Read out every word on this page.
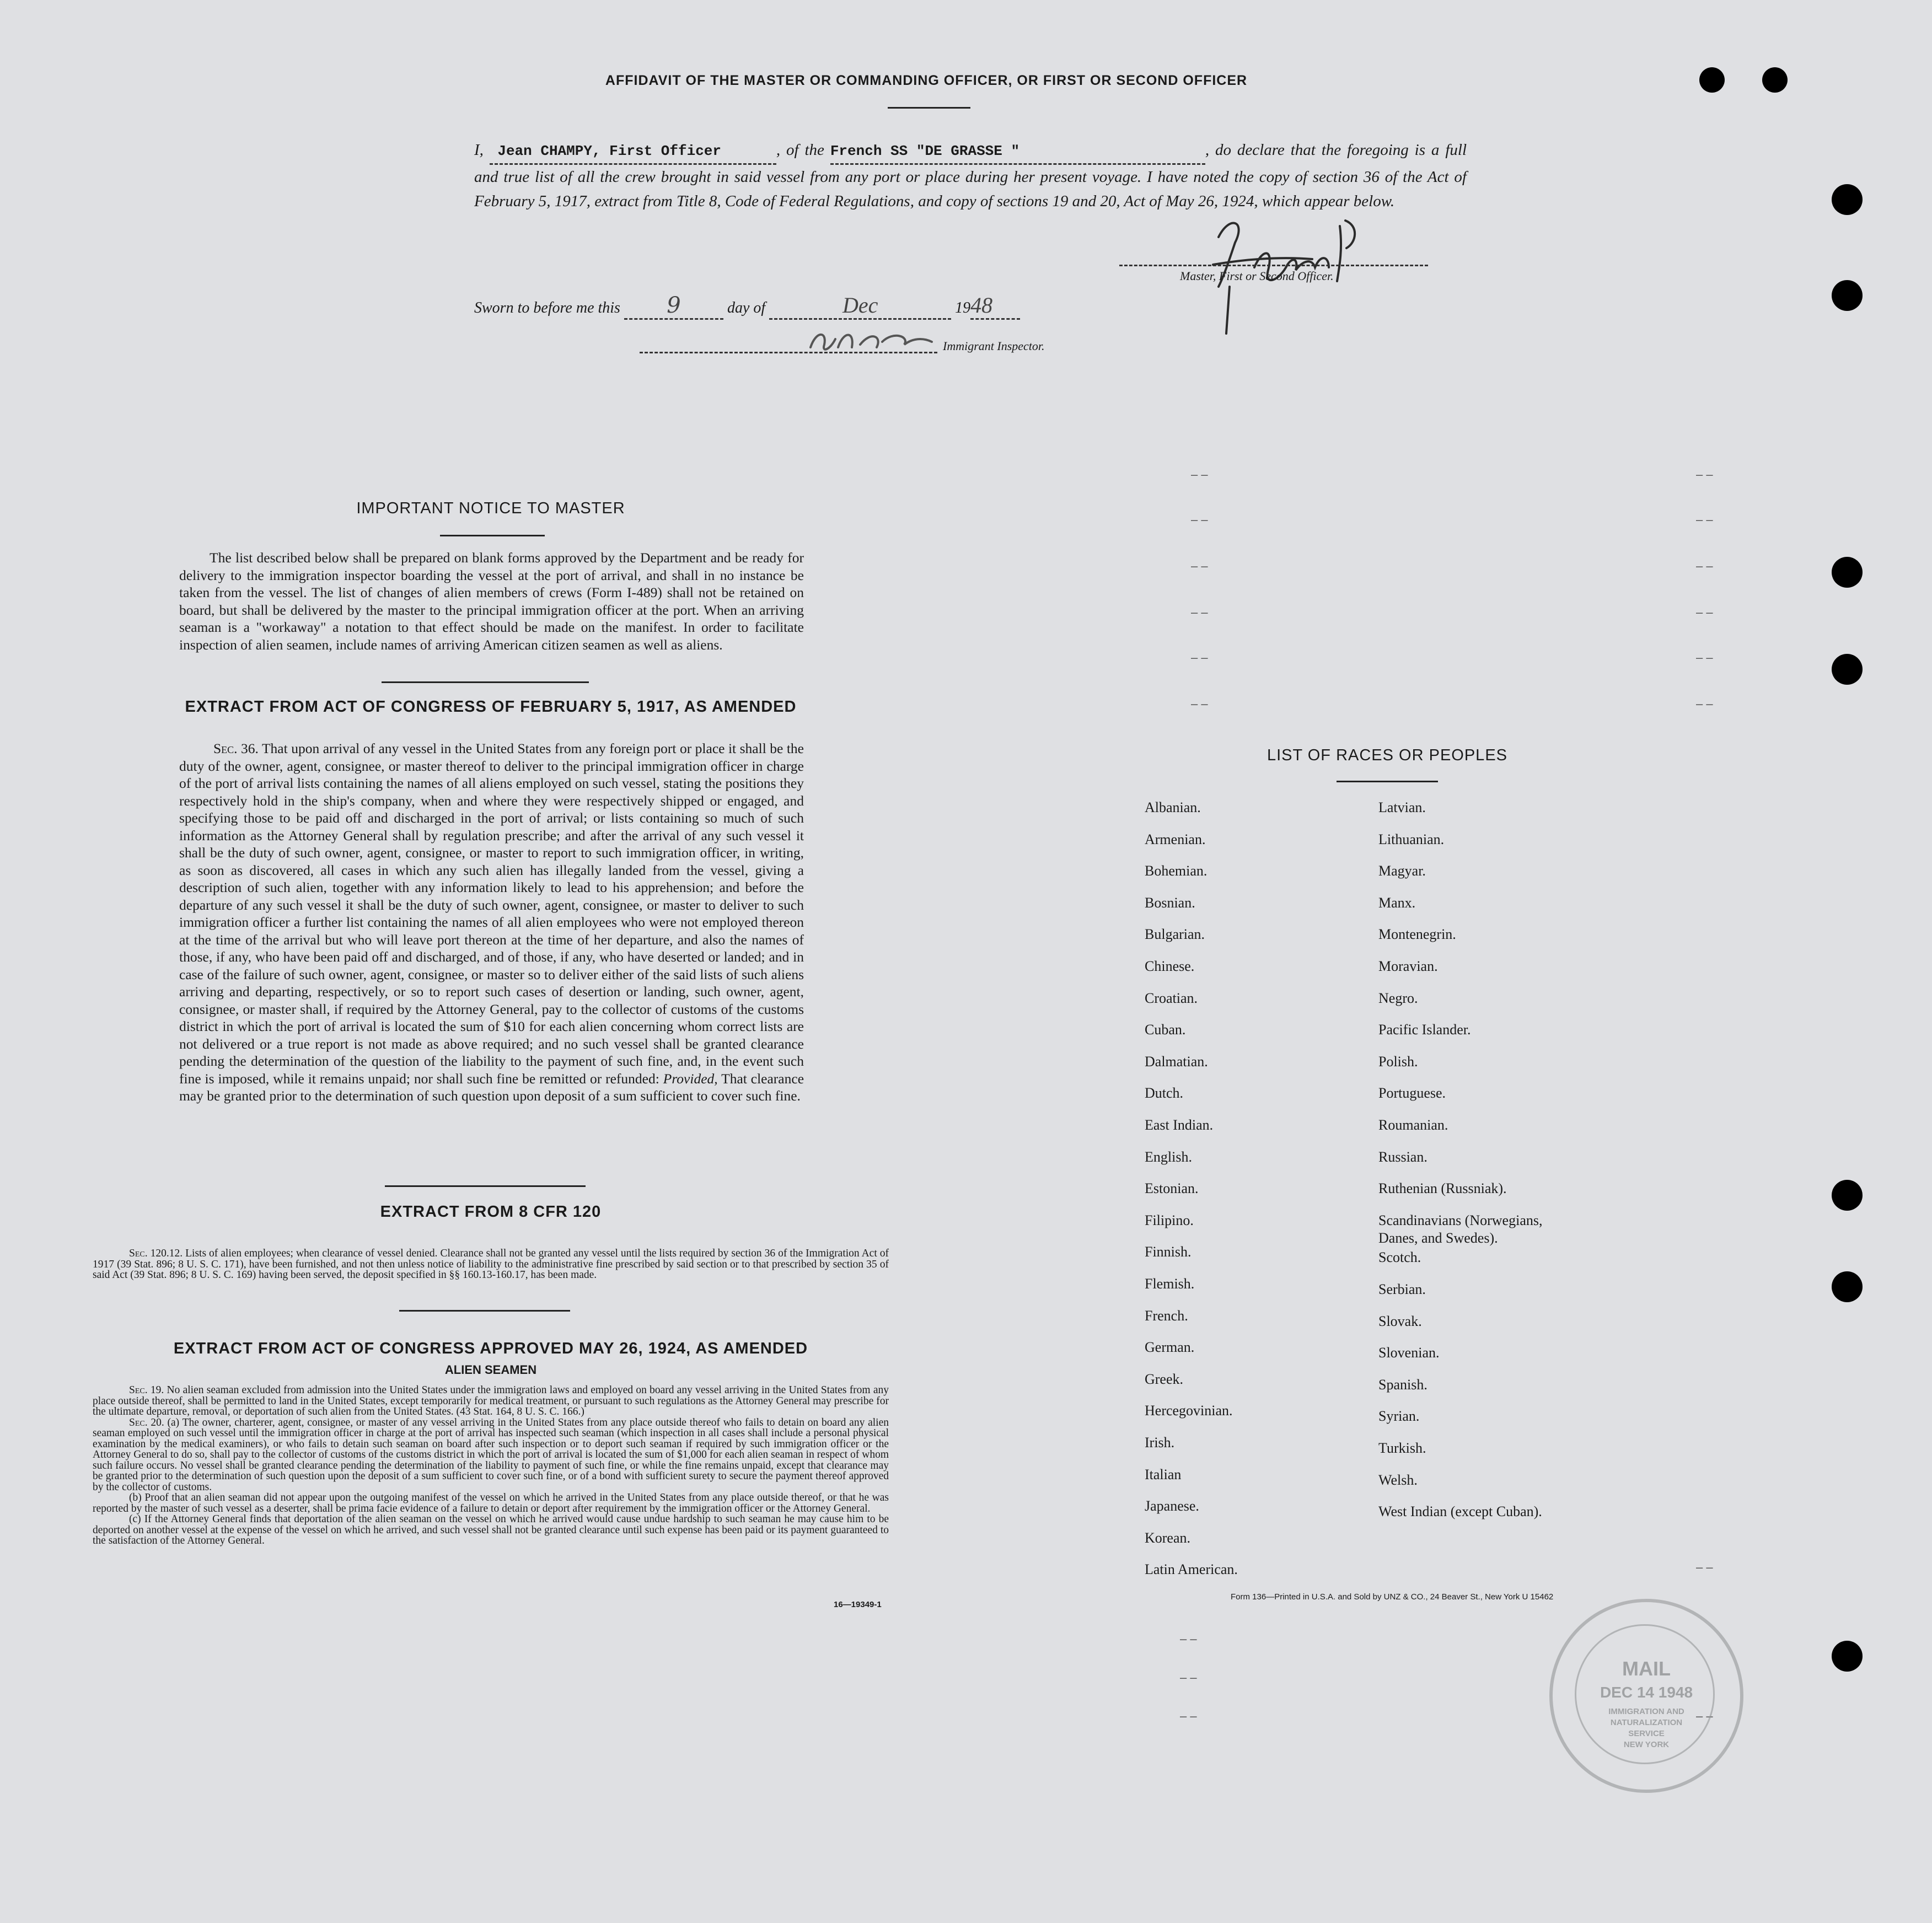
AFFIDAVIT OF THE MASTER OR COMMANDING OFFICER, OR FIRST OR SECOND OFFICER
I, Jean CHAMPY, First Officer	, of the French SS "DE GRASSE "	, do declare that the foregoing is a full and true list of all the crew brought in said vessel from any port or place during her present voyage. I have noted the copy of section 36 of the Act of February 5, 1917, extract from Title 8, Code of Federal Regulations, and copy of sections 19 and 20, Act of May 26, 1924, which appear below.
Master, First or Second Officer.
Sworn to before me this 9	day of	Dec	1948
Immigrant Inspector.
IMPORTANT NOTICE TO MASTER
The list described below shall be prepared on blank forms approved by the Department and be ready for delivery to the immigration inspector boarding the vessel at the port of arrival, and shall in no instance be taken from the vessel. The list of changes of alien members of crews (Form I-489) shall not be retained on board, but shall be delivered by the master to the principal immigration officer at the port. When an arriving seaman is a "workaway" a notation to that effect should be made on the manifest. In order to facilitate inspection of alien seamen, include names of arriving American citizen seamen as well as aliens.
EXTRACT FROM ACT OF CONGRESS OF FEBRUARY 5, 1917, AS AMENDED
Sec. 36. That upon arrival of any vessel in the United States from any foreign port or place it shall be the duty of the owner, agent, consignee, or master thereof to deliver to the principal immigration officer in charge of the port of arrival lists containing the names of all aliens employed on such vessel, stating the positions they respectively hold in the ship's company, when and where they were respectively shipped or engaged, and specifying those to be paid off and discharged in the port of arrival; or lists containing so much of such information as the Attorney General shall by regulation prescribe; and after the arrival of any such vessel it shall be the duty of such owner, agent, consignee, or master to report to such immigration officer, in writing, as soon as discovered, all cases in which any such alien has illegally landed from the vessel, giving a description of such alien, together with any information likely to lead to his apprehension; and before the departure of any such vessel it shall be the duty of such owner, agent, consignee, or master to deliver to such immigration officer a further list containing the names of all alien employees who were not employed thereon at the time of the arrival but who will leave port thereon at the time of her departure, and also the names of those, if any, who have been paid off and discharged, and of those, if any, who have deserted or landed; and in case of the failure of such owner, agent, consignee, or master so to deliver either of the said lists of such aliens arriving and departing, respectively, or so to report such cases of desertion or landing, such owner, agent, consignee, or master shall, if required by the Attorney General, pay to the collector of customs of the customs district in which the port of arrival is located the sum of $10 for each alien concerning whom correct lists are not delivered or a true report is not made as above required; and no such vessel shall be granted clearance pending the determination of the question of the liability to the payment of such fine, and, in the event such fine is imposed, while it remains unpaid; nor shall such fine be remitted or refunded: Provided, That clearance may be granted prior to the determination of such question upon deposit of a sum sufficient to cover such fine.
EXTRACT FROM 8 CFR 120
Sec. 120.12. Lists of alien employees; when clearance of vessel denied. Clearance shall not be granted any vessel until the lists required by section 36 of the Immigration Act of 1917 (39 Stat. 896; 8 U. S. C. 171), have been furnished, and not then unless notice of liability to the administrative fine prescribed by said section or to that prescribed by section 35 of said Act (39 Stat. 896; 8 U. S. C. 169) having been served, the deposit specified in §§ 160.13-160.17, has been made.
EXTRACT FROM ACT OF CONGRESS APPROVED MAY 26, 1924, AS AMENDED
ALIEN SEAMEN
Sec. 19. No alien seaman excluded from admission into the United States under the immigration laws and employed on board any vessel arriving in the United States from any place outside thereof, shall be permitted to land in the United States, except temporarily for medical treatment, or pursuant to such regulations as the Attorney General may prescribe for the ultimate departure, removal, or deportation of such alien from the United States. (43 Stat. 164, 8 U. S. C. 166.)
Sec. 20. (a) The owner, charterer, agent, consignee, or master of any vessel arriving in the United States from any place outside thereof who fails to detain on board any alien seaman employed on such vessel until the immigration officer in charge at the port of arrival has inspected such seaman (which inspection in all cases shall include a personal physical examination by the medical examiners), or who fails to detain such seaman on board after such inspection or to deport such seaman if required by such immigration officer or the Attorney General to do so, shall pay to the collector of customs of the customs district in which the port of arrival is located the sum of $1,000 for each alien seaman in respect of whom such failure occurs. No vessel shall be granted clearance pending the determination of the liability to payment of such fine, or while the fine remains unpaid, except that clearance may be granted prior to the determination of such question upon the deposit of a sum sufficient to cover such fine, or of a bond with sufficient surety to secure the payment thereof approved by the collector of customs.
(b) Proof that an alien seaman did not appear upon the outgoing manifest of the vessel on which he arrived in the United States from any place outside thereof, or that he was reported by the master of such vessel as a deserter, shall be prima facie evidence of a failure to detain or deport after requirement by the immigration officer or the Attorney General.
(c) If the Attorney General finds that deportation of the alien seaman on the vessel on which he arrived would cause undue hardship to such seaman he may cause him to be deported on another vessel at the expense of the vessel on which he arrived, and such vessel shall not be granted clearance until such expense has been paid or its payment guaranteed to the satisfaction of the Attorney General.
16—19349-1
LIST OF RACES OR PEOPLES
Albanian.
Armenian.
Bohemian.
Bosnian.
Bulgarian.
Chinese.
Croatian.
Cuban.
Dalmatian.
Dutch.
East Indian.
English.
Estonian.
Filipino.
Finnish.
Flemish.
French.
German.
Greek.
Hercegovinian.
Irish.
Italian
Japanese.
Korean.
Latin American.
Latvian.
Lithuanian.
Magyar.
Manx.
Montenegrin.
Moravian.
Negro.
Pacific Islander.
Polish.
Portuguese.
Roumanian.
Russian.
Ruthenian (Russniak).
Scandinavians (Norwegians,
Danes, and Swedes).
Scotch.
Serbian.
Slovak.
Slovenian.
Spanish.
Syrian.
Turkish.
Welsh.
West Indian (except Cuban).
Form 136—Printed in U.S.A. and Sold by UNZ & CO., 24 Beaver St., New York U 15462
– –
– –
– –
– –
– –
– –
– –
– –
– –
– –
– –
– –
– –
– –
– –
– –	– –
MAIL
DEC 14 1948
IMMIGRATION AND
NATURALIZATION
SERVICE
NEW YORK
